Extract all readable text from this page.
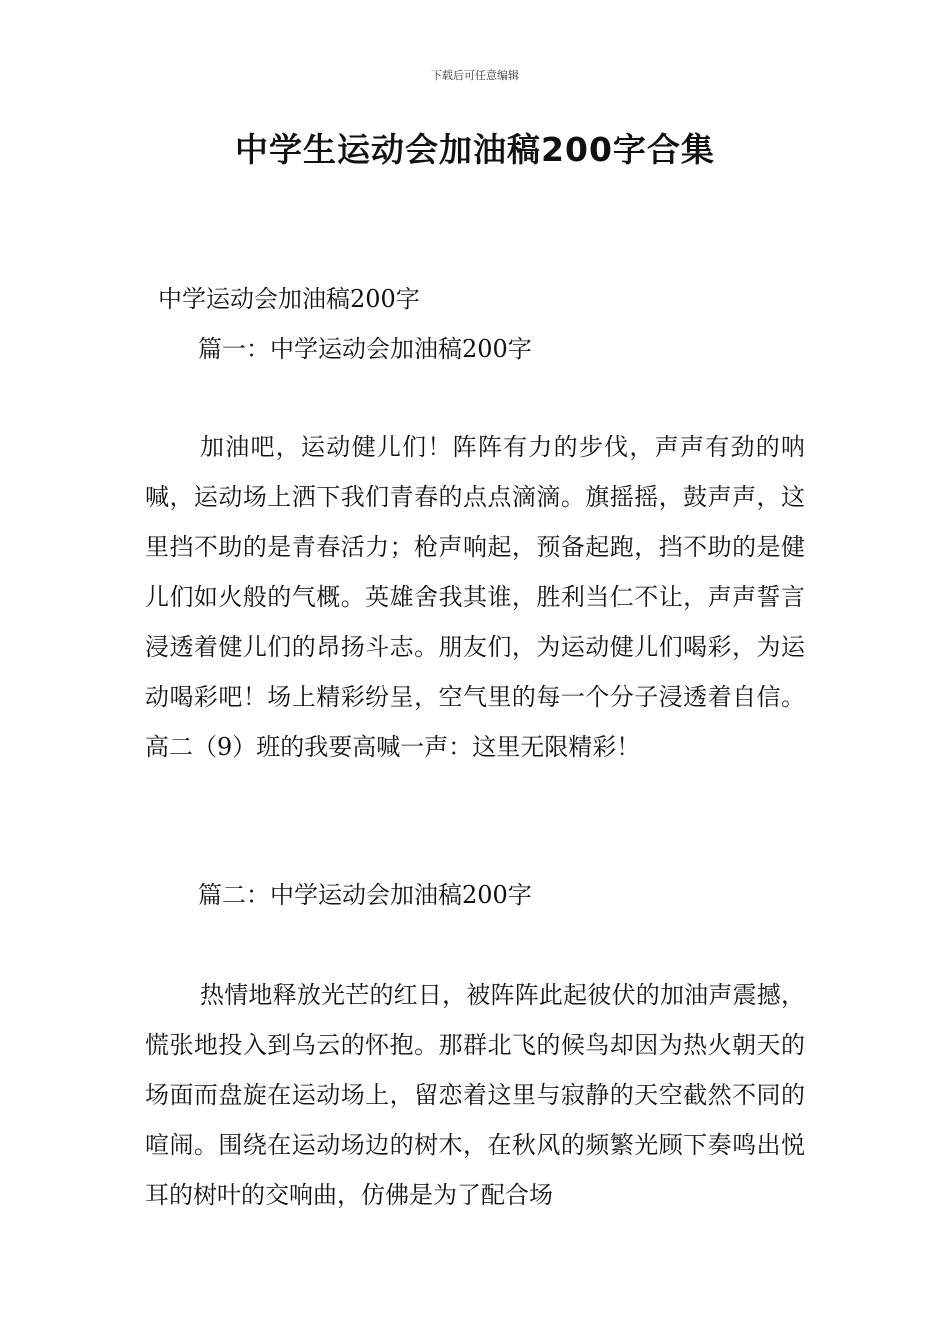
下载后可任意编辑
中学生运动会加油稿200字合集
中学运动会加油稿200字
篇一：中学运动会加油稿200字

加油吧，运动健儿们！阵阵有力的步伐，声声有劲的呐喊，运动场上洒下我们青春的点点滴滴。旗摇摇，鼓声声，这里挡不助的是青春活力；枪声响起，预备起跑，挡不助的是健儿们如火般的气概。英雄舍我其谁，胜利当仁不让，声声誓言浸透着健儿们的昂扬斗志。朋友们，为运动健儿们喝彩，为运动喝彩吧！场上精彩纷呈，空气里的每一个分子浸透着自信。高二（9）班的我要高喊一声：这里无限精彩！

篇二：中学运动会加油稿200字

热情地释放光芒的红日，被阵阵此起彼伏的加油声震撼，慌张地投入到乌云的怀抱。那群北飞的候鸟却因为热火朝天的场面而盘旋在运动场上，留恋着这里与寂静的天空截然不同的喧闹。围绕在运动场边的树木，在秋风的频繁光顾下奏鸣出悦耳的树叶的交响曲，仿佛是为了配合场
